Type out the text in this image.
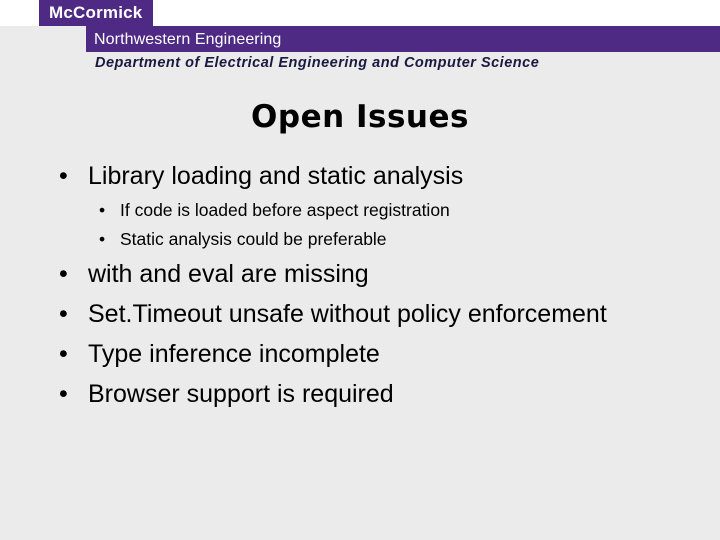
McCormick
Northwestern Engineering
Department of Electrical Engineering and Computer Science
Open Issues
• Library loading and static analysis
• If code is loaded before aspect registration
• Static analysis could be preferable
• with and eval are missing
• Set.Timeout unsafe without policy enforcement
• Type inference incomplete
• Browser support is required
